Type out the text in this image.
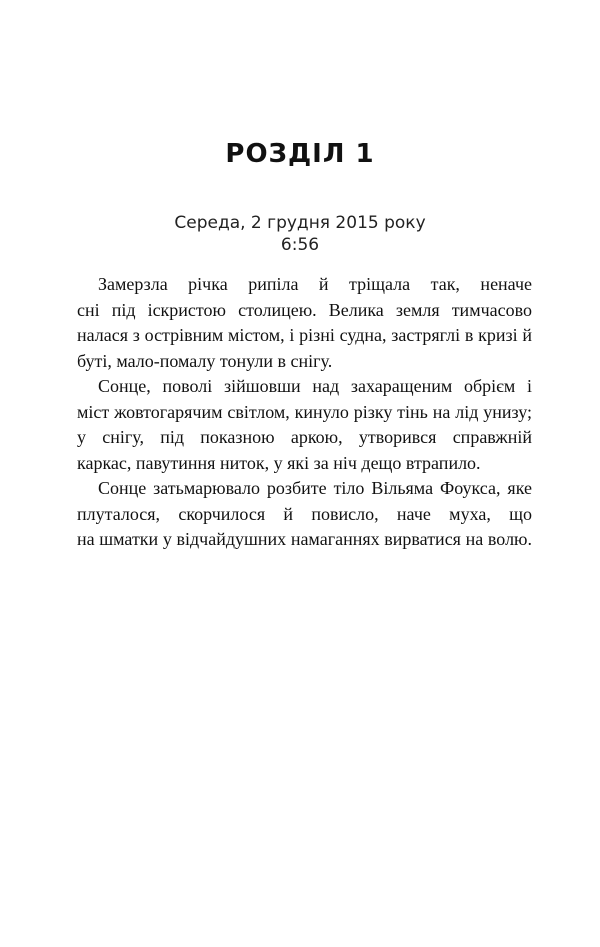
РОЗДІЛ 1
Середа, 2 грудня 2015 року
6:56
Замерзла річка рипіла й тріщала так, неначе
сні під іскристою столицею. Велика земля тимчасово
налася з острівним містом, і різні судна, застряглі в кризі й
буті, мало-помалу тонули в снігу.
Сонце, поволі зійшовши над захаращеним обрієм і
міст жовтогарячим світлом, кинуло різку тінь на лід унизу;
у снігу, під показною аркою, утворився справжній
каркас, павутиння ниток, у які за ніч дещо втрапило.
Сонце затьмарювало розбите тіло Вільяма Фоукса, яке
плуталося, скорчилося й повисло, наче муха, що
на шматки у відчайдушних намаганнях вирватися на волю.
